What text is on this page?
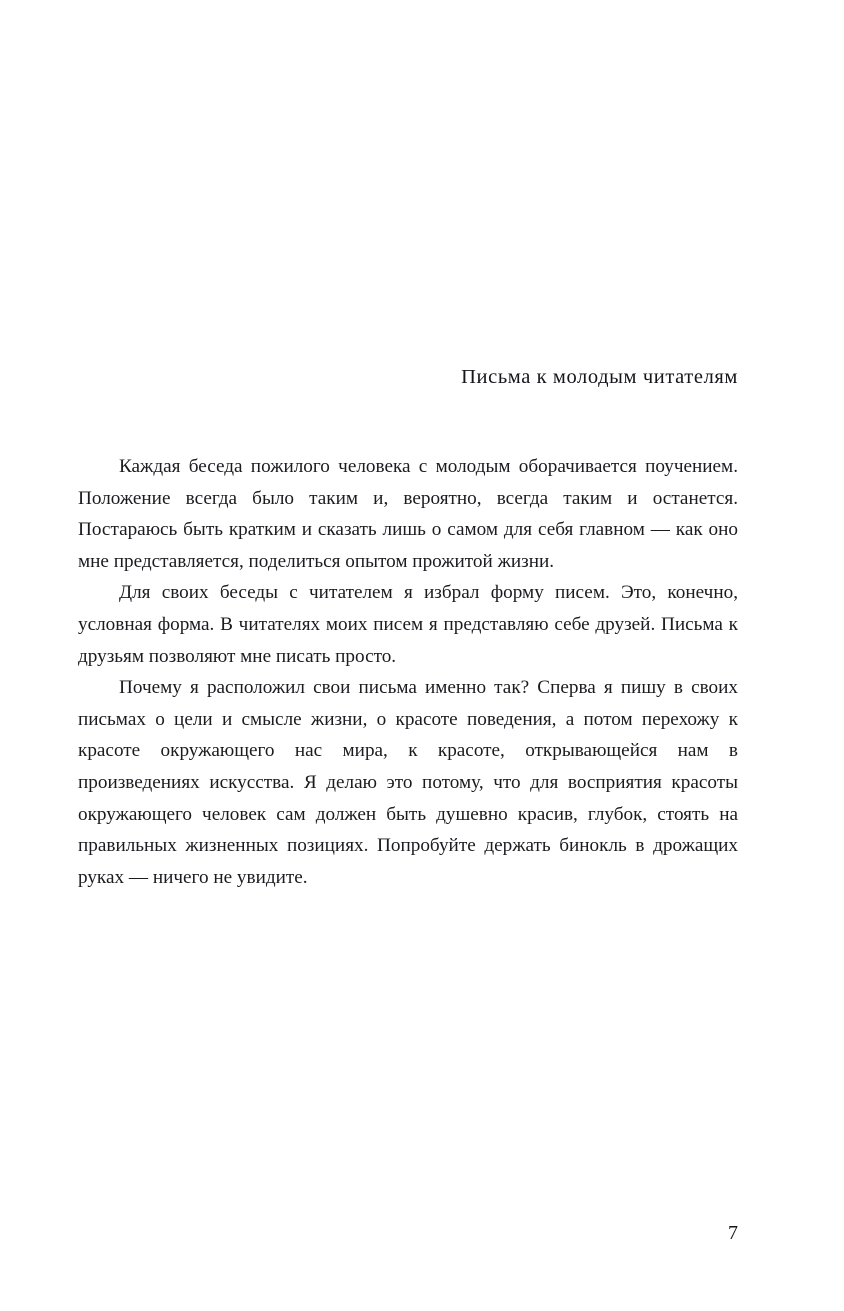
Письма к молодым читателям

Каждая беседа пожилого человека с молодым оборачивается поучением. Положение всегда было таким и, вероятно, всегда таким и останется. Постараюсь быть кратким и сказать лишь о самом для себя главном — как оно мне представляется, поделиться опытом прожитой жизни.

Для своих беседы с читателем я избрал форму писем. Это, конечно, условная форма. В читателях моих писем я представляю себе друзей. Письма к друзьям позволяют мне писать просто.

Почему я расположил свои письма именно так? Сперва я пишу в своих письмах о цели и смысле жизни, о красоте поведения, а потом перехожу к красоте окружающего нас мира, к красоте, открывающейся нам в произведениях искусства. Я делаю это потому, что для восприятия красоты окружающего человек сам должен быть душевно красив, глубок, стоять на правильных жизненных позициях. Попробуйте держать бинокль в дрожащих руках — ничего не увидите.

7
